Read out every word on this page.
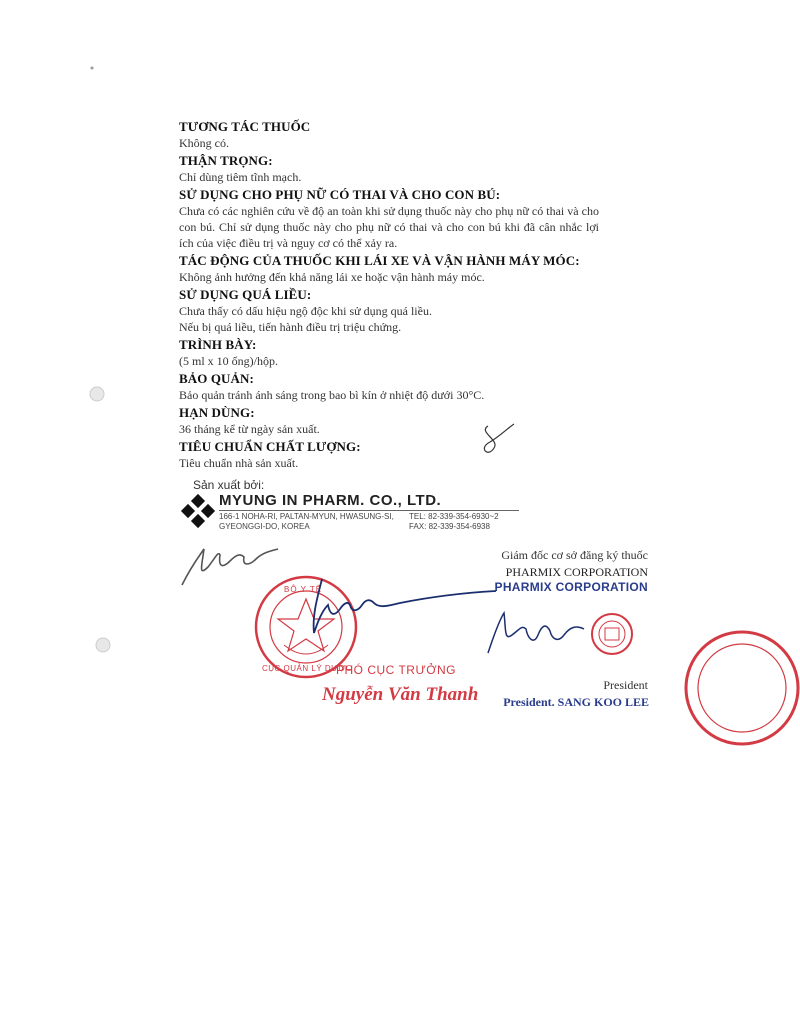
TƯƠNG TÁC THUỐC
Không có.
THẬN TRỌNG:
Chỉ dùng tiêm tĩnh mạch.
SỬ DỤNG CHO PHỤ NỮ CÓ THAI VÀ CHO CON BÚ:
Chưa có các nghiên cứu về độ an toàn khi sử dụng thuốc này cho phụ nữ có thai và cho con bú. Chỉ sử dụng thuốc này cho phụ nữ có thai và cho con bú khi đã cân nhắc lợi ích của việc điều trị và nguy cơ có thể xảy ra.
TÁC ĐỘNG CỦA THUỐC KHI LÁI XE VÀ VẬN HÀNH MÁY MÓC:
Không ảnh hưởng đến khả năng lái xe hoặc vận hành máy móc.
SỬ DỤNG QUÁ LIỀU:
Chưa thấy có dấu hiệu ngộ độc khi sử dụng quá liều.
Nếu bị quá liều, tiến hành điều trị triệu chứng.
TRÌNH BÀY:
(5 ml x 10 ống)/hộp.
BẢO QUẢN:
Bảo quản tránh ánh sáng trong bao bì kín ở nhiệt độ dưới 30°C.
HẠN DÙNG:
36 tháng kể từ ngày sản xuất.
TIÊU CHUẨN CHẤT LƯỢNG:
Tiêu chuẩn nhà sản xuất.
Sản xuất bởi:
MYUNG IN PHARM. CO., LTD.
166-1 NOHA-RI, PALTAN-MYUN, HWASUNG-SI,
GYEONGGI-DO, KOREA
TEL: 82-339-354-6930~2
FAX: 82-339-354-6938
BỘ Y TẾ
CỤC QUẢN LÝ DƯỢC
PHÓ CỤC TRƯỞNG
Nguyễn Văn Thanh
Giám đốc cơ sở đăng ký thuốc
PHARMIX CORPORATION
PHARMIX CORPORATION
President
President. SANG KOO LEE
